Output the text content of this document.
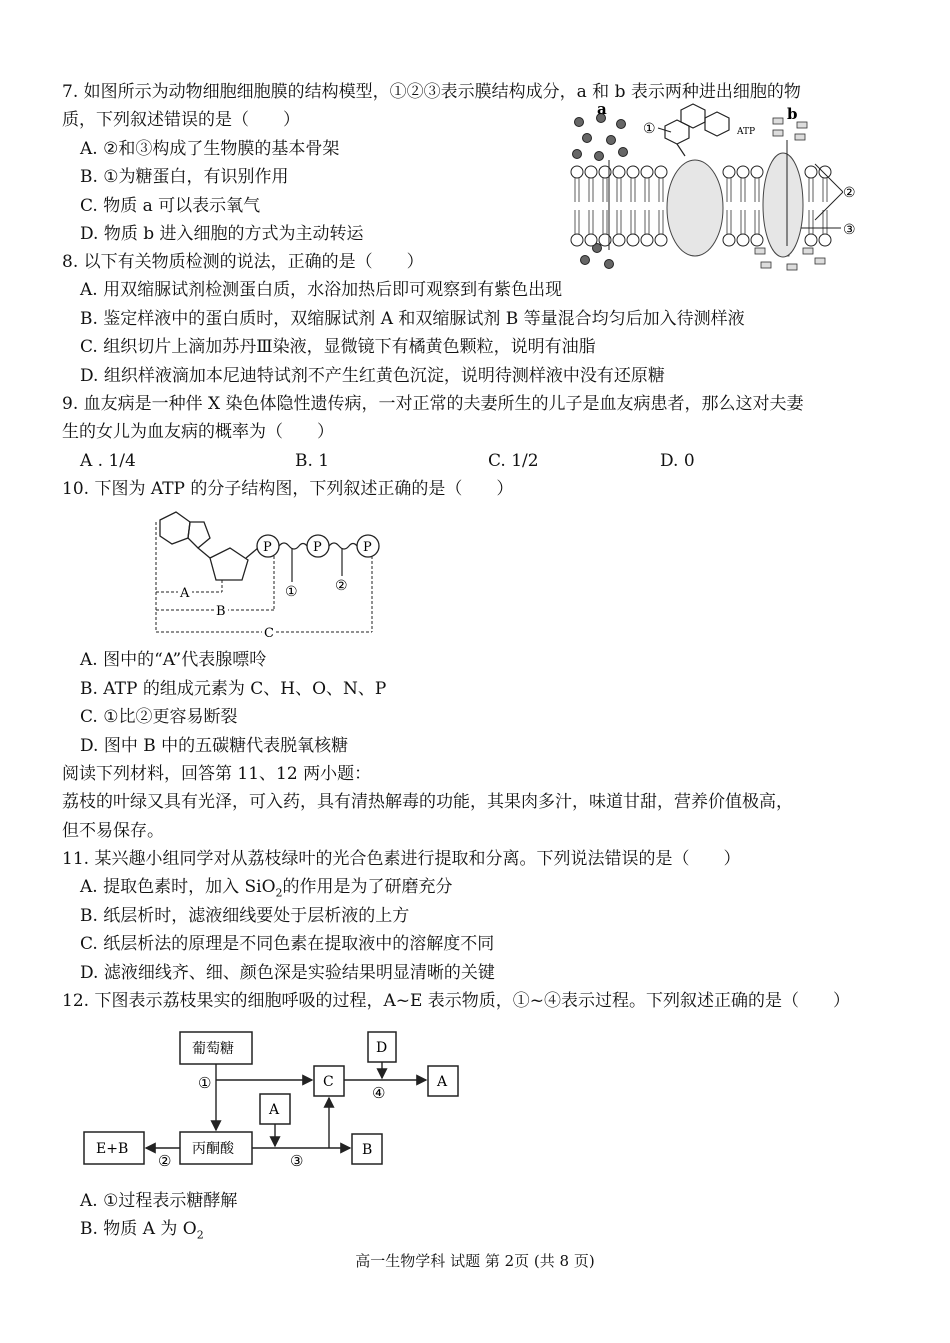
7. 如图所示为动物细胞细胞膜的结构模型，①②③表示膜结构成分，a 和 b 表示两种进出细胞的物
质，下列叙述错误的是（　　）
A. ②和③构成了生物膜的基本骨架
B. ①为糖蛋白，有识别作用
C. 物质 a 可以表示氧气
D. 物质 b 进入细胞的方式为主动转运
a	b
ATP
①
②
③
8. 以下有关物质检测的说法，正确的是（　　）
A. 用双缩脲试剂检测蛋白质，水浴加热后即可观察到有紫色出现
B. 鉴定样液中的蛋白质时，双缩脲试剂 A 和双缩脲试剂 B 等量混合均匀后加入待测样液
C. 组织切片上滴加苏丹Ⅲ染液，显微镜下有橘黄色颗粒，说明有油脂
D. 组织样液滴加本尼迪特试剂不产生红黄色沉淀，说明待测样液中没有还原糖
9. 血友病是一种伴 X 染色体隐性遗传病，一对正常的夫妻所生的儿子是血友病患者，那么这对夫妻
生的女儿为血友病的概率为（　　）
A . 1/4	B. 1	C. 1/2	D. 0
10. 下图为 ATP 的分子结构图，下列叙述正确的是（　　）
P	P	P
①	②
A
B
C
A. 图中的“A”代表腺嘌呤
B. ATP 的组成元素为 C、H、O、N、P
C. ①比②更容易断裂
D. 图中 B 中的五碳糖代表脱氧核糖
阅读下列材料，回答第 11、12 两小题：
荔枝的叶绿又具有光泽，可入药，具有清热解毒的功能，其果肉多汁，味道甘甜，营养价值极高，
但不易保存。
11. 某兴趣小组同学对从荔枝绿叶的光合色素进行提取和分离。下列说法错误的是（　　）
A. 提取色素时，加入 SiO$_2$的作用是为了研磨充分
B. 纸层析时，滤液细线要处于层析液的上方
C. 纸层析法的原理是不同色素在提取液中的溶解度不同
D. 滤液细线齐、细、颜色深是实验结果明显清晰的关键
12. 下图表示荔枝果实的细胞呼吸的过程，A~E 表示物质，①~④表示过程。下列叙述正确的是（　　）
葡萄糖	D
C	A
A
E+B	丙酮酸	B
①
②	③
④
A. ①过程表示糖酵解
B. 物质 A 为 $O_2$
高一生物学科 试题 第 2页 (共 8 页)
